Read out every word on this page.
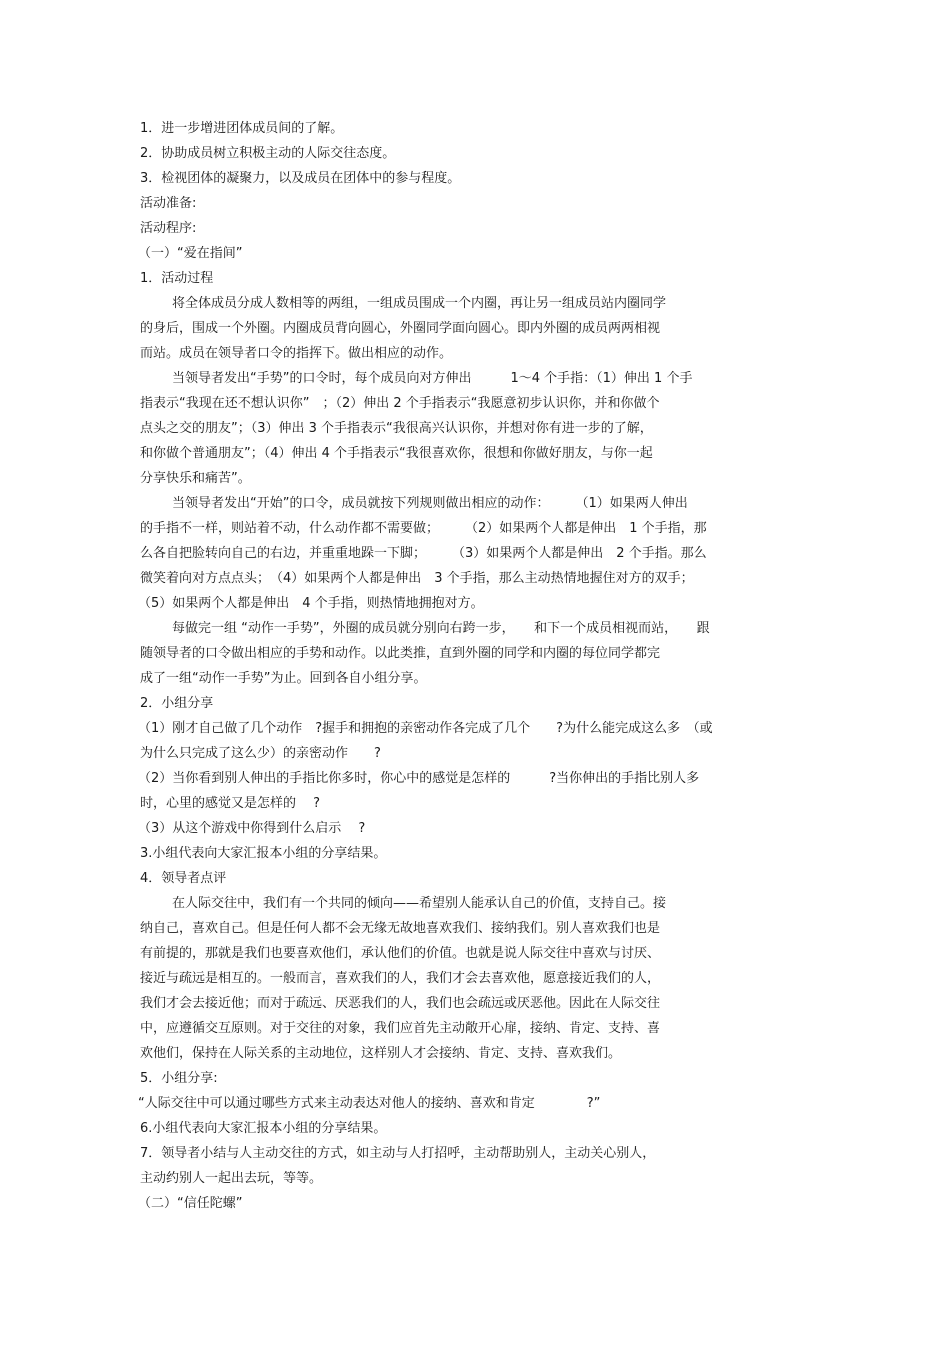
1．进一步增进团体成员间的了解。
2．协助成员树立积极主动的人际交往态度。
3．检视团体的凝聚力，以及成员在团体中的参与程度。
活动准备:
活动程序:
（一）“爱在指间”
1．活动过程
将全体成员分成人数相等的两组，一组成员围成一个内圈，再让另一组成员站内圈同学
的身后，围成一个外圈。内圈成员背向圆心，外圈同学面向圆心。即内外圈的成员两两相视
而站。成员在领导者口令的指挥下。做出相应的动作。
当领导者发出“手势”的口令时，每个成员向对方伸出　　　1～4 个手指：（1）伸出 1 个手
指表示“我现在还不想认识你”　；（2）伸出 2 个手指表示“我愿意初步认识你，并和你做个
点头之交的朋友”；（3）伸出 3 个手指表示“我很高兴认识你，并想对你有进一步的了解，
和你做个普通朋友”；（4）伸出 4 个手指表示“我很喜欢你，很想和你做好朋友，与你一起
分享快乐和痛苦”。
当领导者发出“开始”的口令，成员就按下列规则做出相应的动作：　　　（1）如果两人伸出
的手指不一样，则站着不动，什么动作都不需要做；　　　（2）如果两个人都是伸出　1 个手指，那
么各自把脸转向自己的右边，并重重地跺一下脚；　　　（3）如果两个人都是伸出　2 个手指。那么
微笑着向对方点点头；　（4）如果两个人都是伸出　3 个手指，那么主动热情地握住对方的双手；
（5）如果两个人都是伸出　4 个手指，则热情地拥抱对方。
每做完一组 “动作一手势”，外圈的成员就分别向右跨一步，　　和下一个成员相视而站，　　跟
随领导者的口令做出相应的手势和动作。以此类推，直到外圈的同学和内圈的每位同学都完
成了一组“动作一手势”为止。回到各自小组分享。
2．小组分享
（1）刚才自己做了几个动作　?握手和拥抱的亲密动作各完成了几个　　?为什么能完成这么多　（或
为什么只完成了这么少）的亲密动作　　?
（2）当你看到别人伸出的手指比你多时，你心中的感觉是怎样的　　　?当你伸出的手指比别人多
时，心里的感觉又是怎样的　 ?
（3）从这个游戏中你得到什么启示　 ?
3.小组代表向大家汇报本小组的分享结果。
4．领导者点评
在人际交往中，我们有一个共同的倾向——希望别人能承认自己的价值，支持自己。接
纳自己，喜欢自己。但是任何人都不会无缘无故地喜欢我们、接纳我们。别人喜欢我们也是
有前提的，那就是我们也要喜欢他们，承认他们的价值。也就是说人际交往中喜欢与讨厌、
接近与疏远是相互的。一般而言，喜欢我们的人，我们才会去喜欢他，愿意接近我们的人，
我们才会去接近他；而对于疏远、厌恶我们的人，我们也会疏远或厌恶他。因此在人际交往
中，应遵循交互原则。对于交往的对象，我们应首先主动敞开心扉，接纳、肯定、支持、喜
欢他们，保持在人际关系的主动地位，这样别人才会接纳、肯定、支持、喜欢我们。
5．小组分享:
“人际交往中可以通过哪些方式来主动表达对他人的接纳、喜欢和肯定　　　　?”
6.小组代表向大家汇报本小组的分享结果。
7．领导者小结与人主动交往的方式，如主动与人打招呼，主动帮助别人，主动关心别人，
主动约别人一起出去玩，等等。
（二）“信任陀螺”
